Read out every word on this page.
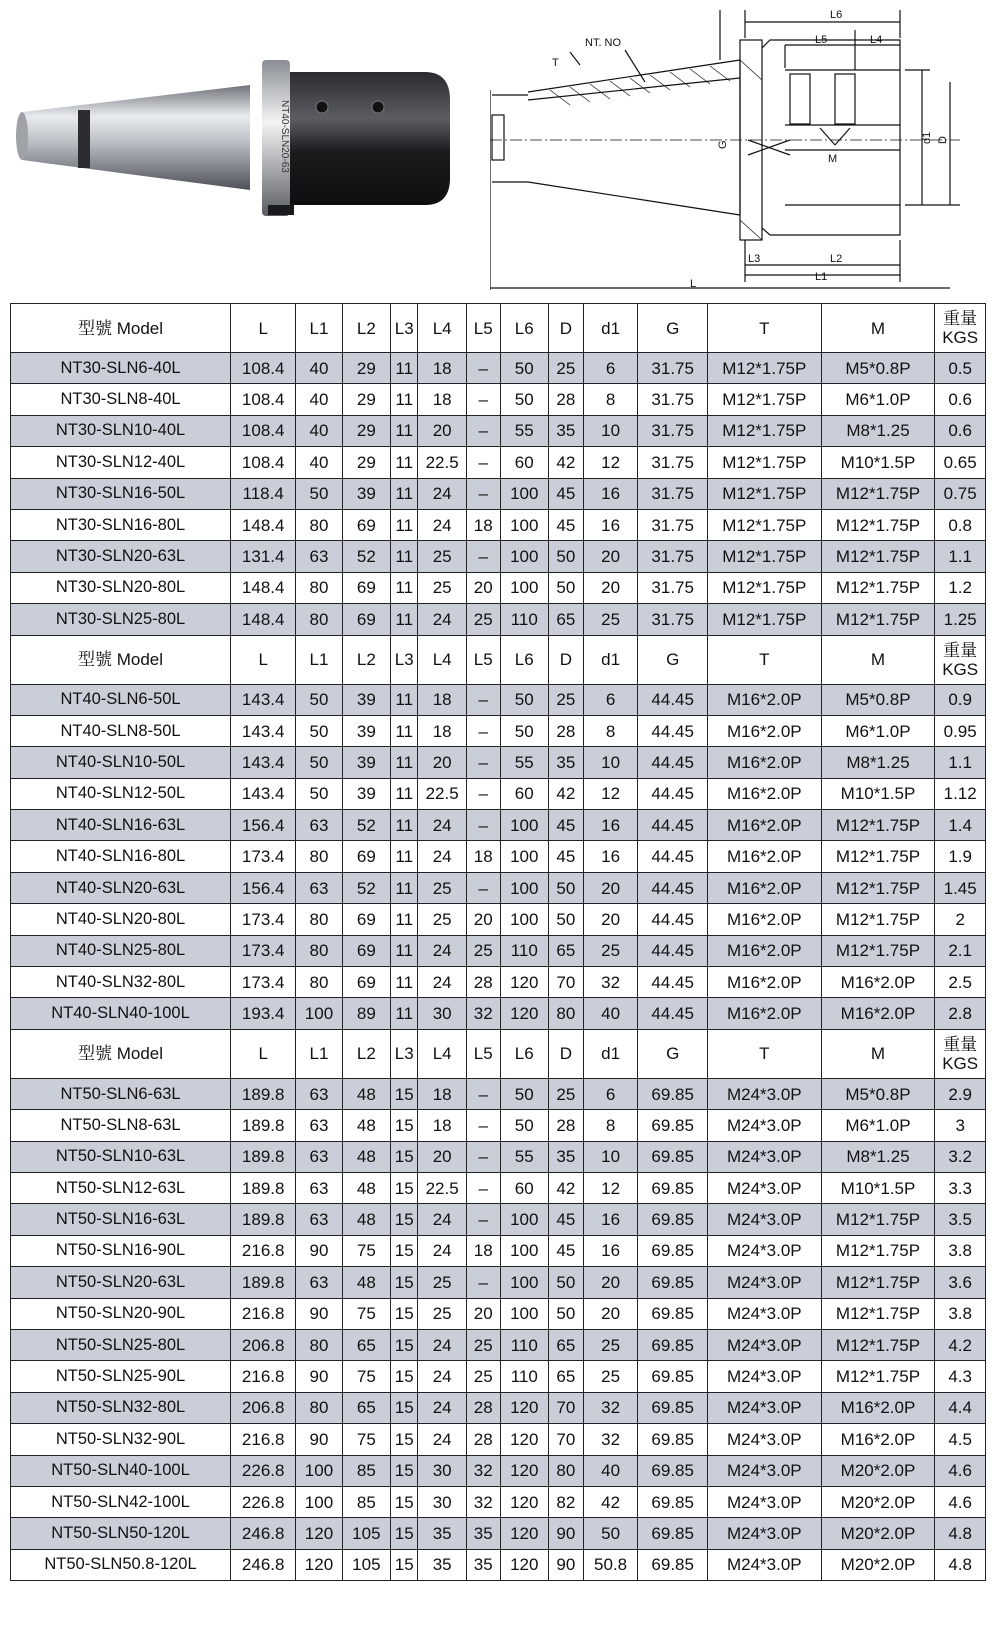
NT40-SLN20-63
NT. NO
T
G
M
d1 D
L6
L5	L4
L3	L2
L1
L
型號 Model	L	L1	L2	L3	L4	L5	L6	D	d1	G	T	M	重量
KGS

NT30-SLN6-40L	108.4	40	29	11	18	–	50	25	6	31.75	M12*1.75P	M5*0.8P	0.5
NT30-SLN8-40L	108.4	40	29	11	18	–	50	28	8	31.75	M12*1.75P	M6*1.0P	0.6
NT30-SLN10-40L	108.4	40	29	11	20	–	55	35	10	31.75	M12*1.75P	M8*1.25	0.6
NT30-SLN12-40L	108.4	40	29	11	22.5	–	60	42	12	31.75	M12*1.75P	M10*1.5P	0.65
NT30-SLN16-50L	118.4	50	39	11	24	–	100	45	16	31.75	M12*1.75P	M12*1.75P	0.75
NT30-SLN16-80L	148.4	80	69	11	24	18	100	45	16	31.75	M12*1.75P	M12*1.75P	0.8
NT30-SLN20-63L	131.4	63	52	11	25	–	100	50	20	31.75	M12*1.75P	M12*1.75P	1.1
NT30-SLN20-80L	148.4	80	69	11	25	20	100	50	20	31.75	M12*1.75P	M12*1.75P	1.2
NT30-SLN25-80L	148.4	80	69	11	24	25	110	65	25	31.75	M12*1.75P	M12*1.75P	1.25
型號 Model	L	L1	L2	L3	L4	L5	L6	D	d1	G	T	M	重量
KGS

NT40-SLN6-50L	143.4	50	39	11	18	–	50	25	6	44.45	M16*2.0P	M5*0.8P	0.9
NT40-SLN8-50L	143.4	50	39	11	18	–	50	28	8	44.45	M16*2.0P	M6*1.0P	0.95
NT40-SLN10-50L	143.4	50	39	11	20	–	55	35	10	44.45	M16*2.0P	M8*1.25	1.1
NT40-SLN12-50L	143.4	50	39	11	22.5	–	60	42	12	44.45	M16*2.0P	M10*1.5P	1.12
NT40-SLN16-63L	156.4	63	52	11	24	–	100	45	16	44.45	M16*2.0P	M12*1.75P	1.4
NT40-SLN16-80L	173.4	80	69	11	24	18	100	45	16	44.45	M16*2.0P	M12*1.75P	1.9
NT40-SLN20-63L	156.4	63	52	11	25	–	100	50	20	44.45	M16*2.0P	M12*1.75P	1.45
NT40-SLN20-80L	173.4	80	69	11	25	20	100	50	20	44.45	M16*2.0P	M12*1.75P	2
NT40-SLN25-80L	173.4	80	69	11	24	25	110	65	25	44.45	M16*2.0P	M12*1.75P	2.1
NT40-SLN32-80L	173.4	80	69	11	24	28	120	70	32	44.45	M16*2.0P	M16*2.0P	2.5
NT40-SLN40-100L	193.4	100	89	11	30	32	120	80	40	44.45	M16*2.0P	M16*2.0P	2.8
型號 Model	L	L1	L2	L3	L4	L5	L6	D	d1	G	T	M	重量
KGS

NT50-SLN6-63L	189.8	63	48	15	18	–	50	25	6	69.85	M24*3.0P	M5*0.8P	2.9
NT50-SLN8-63L	189.8	63	48	15	18	–	50	28	8	69.85	M24*3.0P	M6*1.0P	3
NT50-SLN10-63L	189.8	63	48	15	20	–	55	35	10	69.85	M24*3.0P	M8*1.25	3.2
NT50-SLN12-63L	189.8	63	48	15	22.5	–	60	42	12	69.85	M24*3.0P	M10*1.5P	3.3
NT50-SLN16-63L	189.8	63	48	15	24	–	100	45	16	69.85	M24*3.0P	M12*1.75P	3.5
NT50-SLN16-90L	216.8	90	75	15	24	18	100	45	16	69.85	M24*3.0P	M12*1.75P	3.8
NT50-SLN20-63L	189.8	63	48	15	25	–	100	50	20	69.85	M24*3.0P	M12*1.75P	3.6
NT50-SLN20-90L	216.8	90	75	15	25	20	100	50	20	69.85	M24*3.0P	M12*1.75P	3.8
NT50-SLN25-80L	206.8	80	65	15	24	25	110	65	25	69.85	M24*3.0P	M12*1.75P	4.2
NT50-SLN25-90L	216.8	90	75	15	24	25	110	65	25	69.85	M24*3.0P	M12*1.75P	4.3
NT50-SLN32-80L	206.8	80	65	15	24	28	120	70	32	69.85	M24*3.0P	M16*2.0P	4.4
NT50-SLN32-90L	216.8	90	75	15	24	28	120	70	32	69.85	M24*3.0P	M16*2.0P	4.5
NT50-SLN40-100L	226.8	100	85	15	30	32	120	80	40	69.85	M24*3.0P	M20*2.0P	4.6
NT50-SLN42-100L	226.8	100	85	15	30	32	120	82	42	69.85	M24*3.0P	M20*2.0P	4.6
NT50-SLN50-120L	246.8	120	105	15	35	35	120	90	50	69.85	M24*3.0P	M20*2.0P	4.8
NT50-SLN50.8-120L	246.8	120	105	15	35	35	120	90	50.8	69.85	M24*3.0P	M20*2.0P	4.8
